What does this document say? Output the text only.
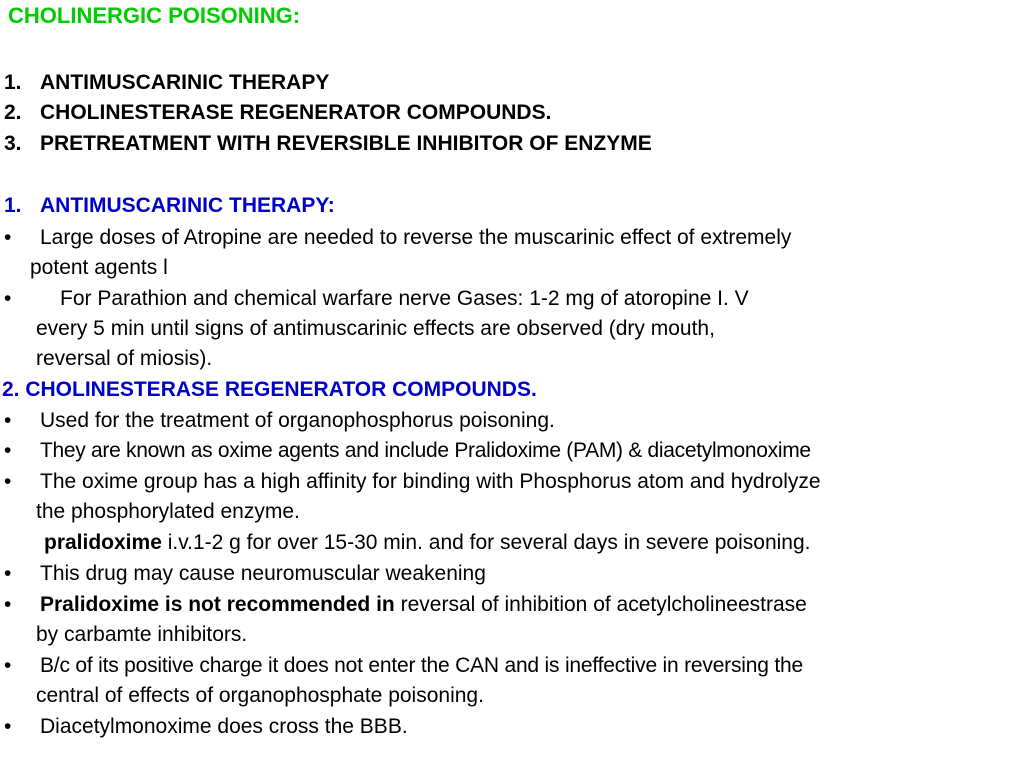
CHOLINERGIC POISONING:
1. ANTIMUSCARINIC THERAPY
2. CHOLINESTERASE REGENERATOR COMPOUNDS.
3. PRETREATMENT WITH REVERSIBLE INHIBITOR OF ENZYME
1. ANTIMUSCARINIC THERAPY:
• Large doses of Atropine are needed to reverse the muscarinic effect of extremely
potent agents l
• For Parathion and chemical warfare nerve Gases: 1-2 mg of atoropine I. V
every 5 min until signs of antimuscarinic effects are observed (dry mouth,
reversal of miosis).
2. CHOLINESTERASE REGENERATOR COMPOUNDS.
• Used for the treatment of organophosphorus poisoning.
• They are known as oxime agents and include Pralidoxime (PAM) & diacetylmonoxime
• The oxime group has a high affinity for binding with Phosphorus atom and hydrolyze
the phosphorylated enzyme.
pralidoxime i.v.1-2 g for over 15-30 min. and for several days in severe poisoning.
• This drug may cause neuromuscular weakening
• Pralidoxime is not recommended in reversal of inhibition of acetylcholineestrase
by carbamte inhibitors.
• B/c of its positive charge it does not enter the CAN and is ineffective in reversing the
central of effects of organophosphate poisoning.
• Diacetylmonoxime does cross the BBB.
